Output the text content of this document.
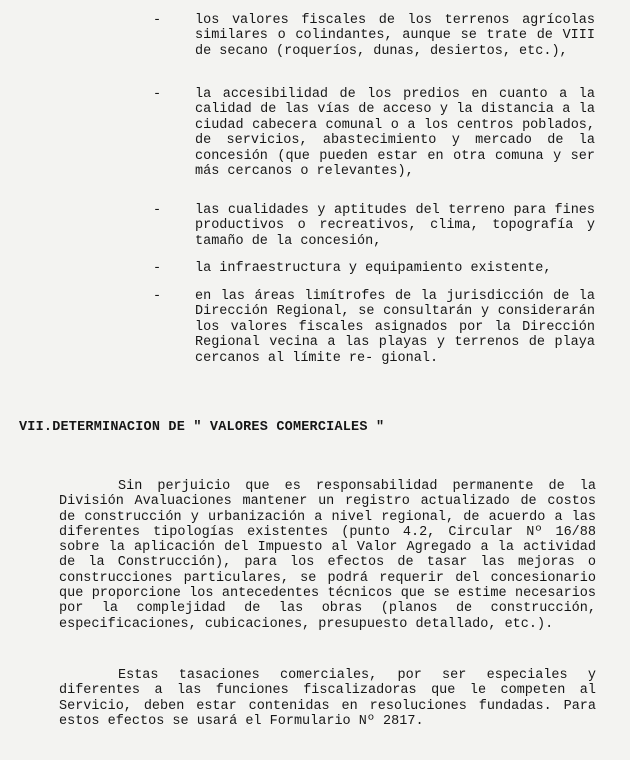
-	los valores fiscales de los terrenos agrícolas similares o colindantes, aunque se trate de VIII de secano (roqueríos, dunas, desiertos, etc.),
-	la accesibilidad de los predios en cuanto a la calidad de las vías de acceso y la distancia a la ciudad cabecera comunal o a los centros poblados, de servicios, abastecimiento y mercado de la concesión (que pueden estar en otra comuna y ser más cercanos o relevantes),
-	las cualidades y aptitudes del terreno para fines productivos o recreativos, clima, topografía y tamaño de la concesión,
-	la infraestructura y equipamiento existente,
-	en las áreas limítrofes de la jurisdicción de la Dirección Regional, se consultarán y considerarán los valores fiscales asignados por la Dirección Regional vecina a las playas y terrenos de playa cercanos al límite re- gional.
VII.DETERMINACION DE " VALORES COMERCIALES "
Sin perjuicio que es responsabilidad permanente de la División Avaluaciones mantener un registro actualizado de costos de construcción y urbanización a nivel regional, de acuerdo a las diferentes tipologías existentes (punto 4.2, Circular Nº 16/88 sobre la aplicación del Impuesto al Valor Agregado a la actividad de la Construcción), para los efectos de tasar las mejoras o construcciones particulares, se podrá requerir del concesionario que proporcione los antecedentes técnicos que se estime necesarios por la complejidad de las obras (planos de construcción, especificaciones, cubicaciones, presupuesto detallado, etc.).
Estas tasaciones comerciales, por ser especiales y diferentes a las funciones fiscalizadoras que le competen al Servicio, deben estar contenidas en resoluciones fundadas. Para estos efectos se usará el Formulario Nº 2817.
